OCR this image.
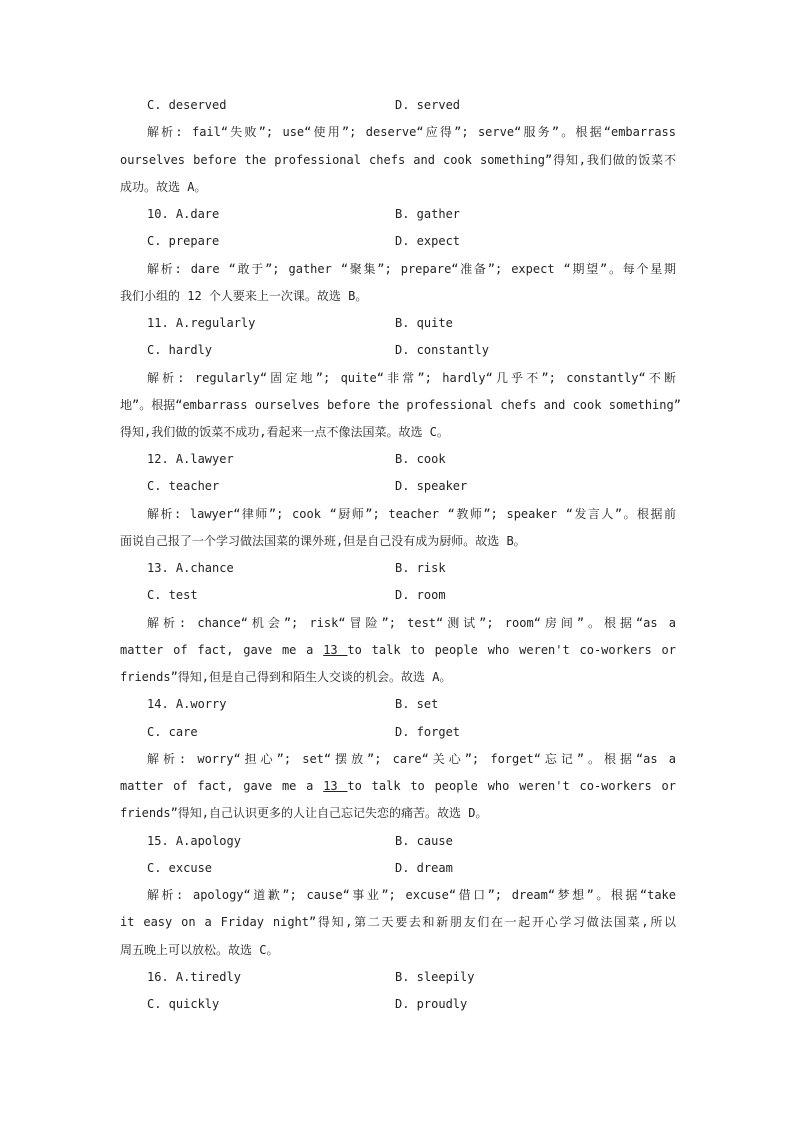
C. deserved	D. served
解析: fail“失败”; use“使用”; deserve“应得”; serve“服务”。根据“embarrass
ourselves before the professional chefs and cook something”得知,我们做的饭菜不
成功。故选 A。
10. A.dare	B. gather
C. prepare	D. expect
解析: dare “敢于”; gather “聚集”; prepare“准备”; expect “期望”。每个星期
我们小组的 12 个人要来上一次课。故选 B。
11. A.regularly	B. quite
C. hardly	D. constantly
解析: regularly“固定地”; quite“非常”; hardly“几乎不”; constantly“不断
地”。根据“embarrass ourselves before the professional chefs and cook something”
得知,我们做的饭菜不成功,看起来一点不像法国菜。故选 C。
12. A.lawyer	B. cook
C. teacher	D. speaker
解析: lawyer“律师”; cook “厨师”; teacher “教师”; speaker “发言人”。根据前
面说自己报了一个学习做法国菜的课外班,但是自己没有成为厨师。故选 B。
13. A.chance	B. risk
C. test	D. room
解析: chance“机会”; risk“冒险”; test“测试”; room“房间”。根据“as a
matter of fact, gave me a 13 to talk to people who weren't co-workers or
friends”得知,但是自己得到和陌生人交谈的机会。故选 A。
14. A.worry	B. set
C. care	D. forget
解析: worry“担心”; set“摆放”; care“关心”; forget“忘记”。根据“as a
matter of fact, gave me a 13 to talk to people who weren't co-workers or
friends”得知,自己认识更多的人让自己忘记失恋的痛苦。故选 D。
15. A.apology	B. cause
C. excuse	D. dream
解析: apology“道歉”; cause“事业”; excuse“借口”; dream“梦想”。根据“take
it easy on a Friday night”得知,第二天要去和新朋友们在一起开心学习做法国菜,所以
周五晚上可以放松。故选 C。
16. A.tiredly	B. sleepily
C. quickly	D. proudly
